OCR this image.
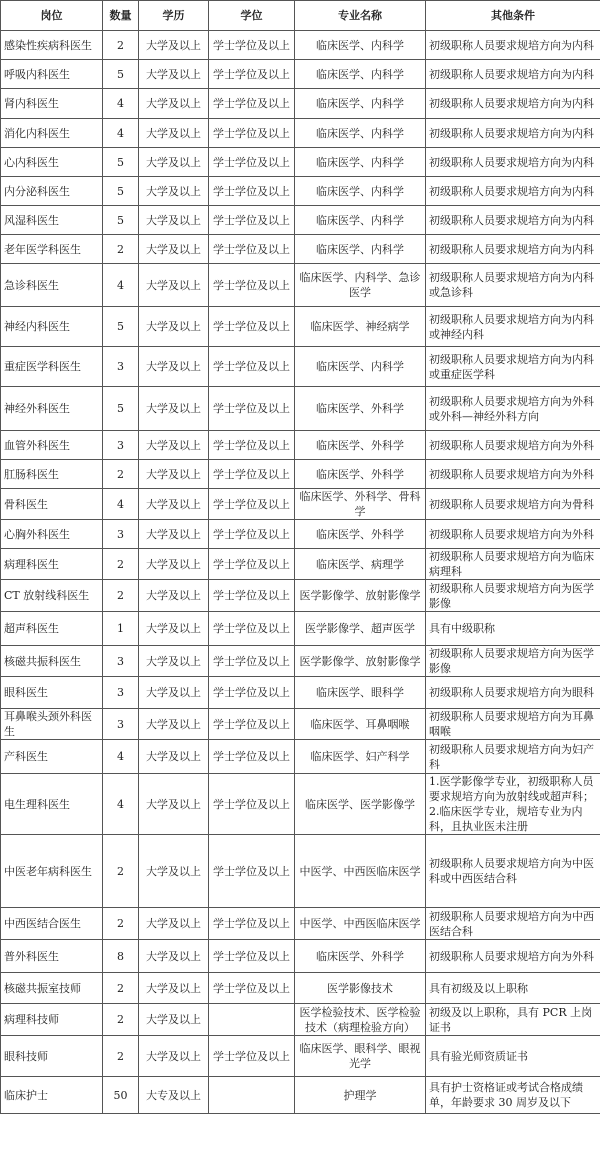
岗位	数量	学历	学位	专业名称	其他条件
感染性疾病科医生	2	大学及以上	学士学位及以上	临床医学、内科学	初级职称人员要求规培方向为内科
呼吸内科医生	5	大学及以上	学士学位及以上	临床医学、内科学	初级职称人员要求规培方向为内科
肾内科医生	4	大学及以上	学士学位及以上	临床医学、内科学	初级职称人员要求规培方向为内科
消化内科医生	4	大学及以上	学士学位及以上	临床医学、内科学	初级职称人员要求规培方向为内科
心内科医生	5	大学及以上	学士学位及以上	临床医学、内科学	初级职称人员要求规培方向为内科
内分泌科医生	5	大学及以上	学士学位及以上	临床医学、内科学	初级职称人员要求规培方向为内科
风湿科医生	5	大学及以上	学士学位及以上	临床医学、内科学	初级职称人员要求规培方向为内科
老年医学科医生	2	大学及以上	学士学位及以上	临床医学、内科学	初级职称人员要求规培方向为内科
急诊科医生	4	大学及以上	学士学位及以上	临床医学、内科学、急诊医学	初级职称人员要求规培方向为内科或急诊科
神经内科医生	5	大学及以上	学士学位及以上	临床医学、神经病学	初级职称人员要求规培方向为内科或神经内科
重症医学科医生	3	大学及以上	学士学位及以上	临床医学、内科学	初级职称人员要求规培方向为内科或重症医学科
神经外科医生	5	大学及以上	学士学位及以上	临床医学、外科学	初级职称人员要求规培方向为外科或外科—神经外科方向
血管外科医生	3	大学及以上	学士学位及以上	临床医学、外科学	初级职称人员要求规培方向为外科
肛肠科医生	2	大学及以上	学士学位及以上	临床医学、外科学	初级职称人员要求规培方向为外科
骨科医生	4	大学及以上	学士学位及以上	临床医学、外科学、骨科学	初级职称人员要求规培方向为骨科
心胸外科医生	3	大学及以上	学士学位及以上	临床医学、外科学	初级职称人员要求规培方向为外科
病理科医生	2	大学及以上	学士学位及以上	临床医学、病理学	初级职称人员要求规培方向为临床病理科
CT 放射线科医生	2	大学及以上	学士学位及以上	医学影像学、放射影像学	初级职称人员要求规培方向为医学影像
超声科医生	1	大学及以上	学士学位及以上	医学影像学、超声医学	具有中级职称
核磁共振科医生	3	大学及以上	学士学位及以上	医学影像学、放射影像学	初级职称人员要求规培方向为医学影像
眼科医生	3	大学及以上	学士学位及以上	临床医学、眼科学	初级职称人员要求规培方向为眼科
耳鼻喉头颈外科医生	3	大学及以上	学士学位及以上	临床医学、耳鼻咽喉	初级职称人员要求规培方向为耳鼻咽喉
产科医生	4	大学及以上	学士学位及以上	临床医学、妇产科学	初级职称人员要求规培方向为妇产科
电生理科医生	4	大学及以上	学士学位及以上	临床医学、医学影像学	1.医学影像学专业，初级职称人员要求规培方向为放射线或超声科；2.临床医学专业，规培专业为内科，且执业医未注册
中医老年病科医生	2	大学及以上	学士学位及以上	中医学、中西医临床医学	初级职称人员要求规培方向为中医科或中西医结合科
中西医结合医生	2	大学及以上	学士学位及以上	中医学、中西医临床医学	初级职称人员要求规培方向为中西医结合科
普外科医生	8	大学及以上	学士学位及以上	临床医学、外科学	初级职称人员要求规培方向为外科
核磁共振室技师	2	大学及以上	学士学位及以上	医学影像技术	具有初级及以上职称
病理科技师	2	大学及以上		医学检验技术、医学检验技术（病理检验方向）	初级及以上职称，具有 PCR 上岗证书
眼科技师	2	大学及以上	学士学位及以上	临床医学、眼科学、眼视光学	具有验光师资质证书
临床护士	50	大专及以上		护理学	具有护士资格证或考试合格成绩单，年龄要求 30 周岁及以下
